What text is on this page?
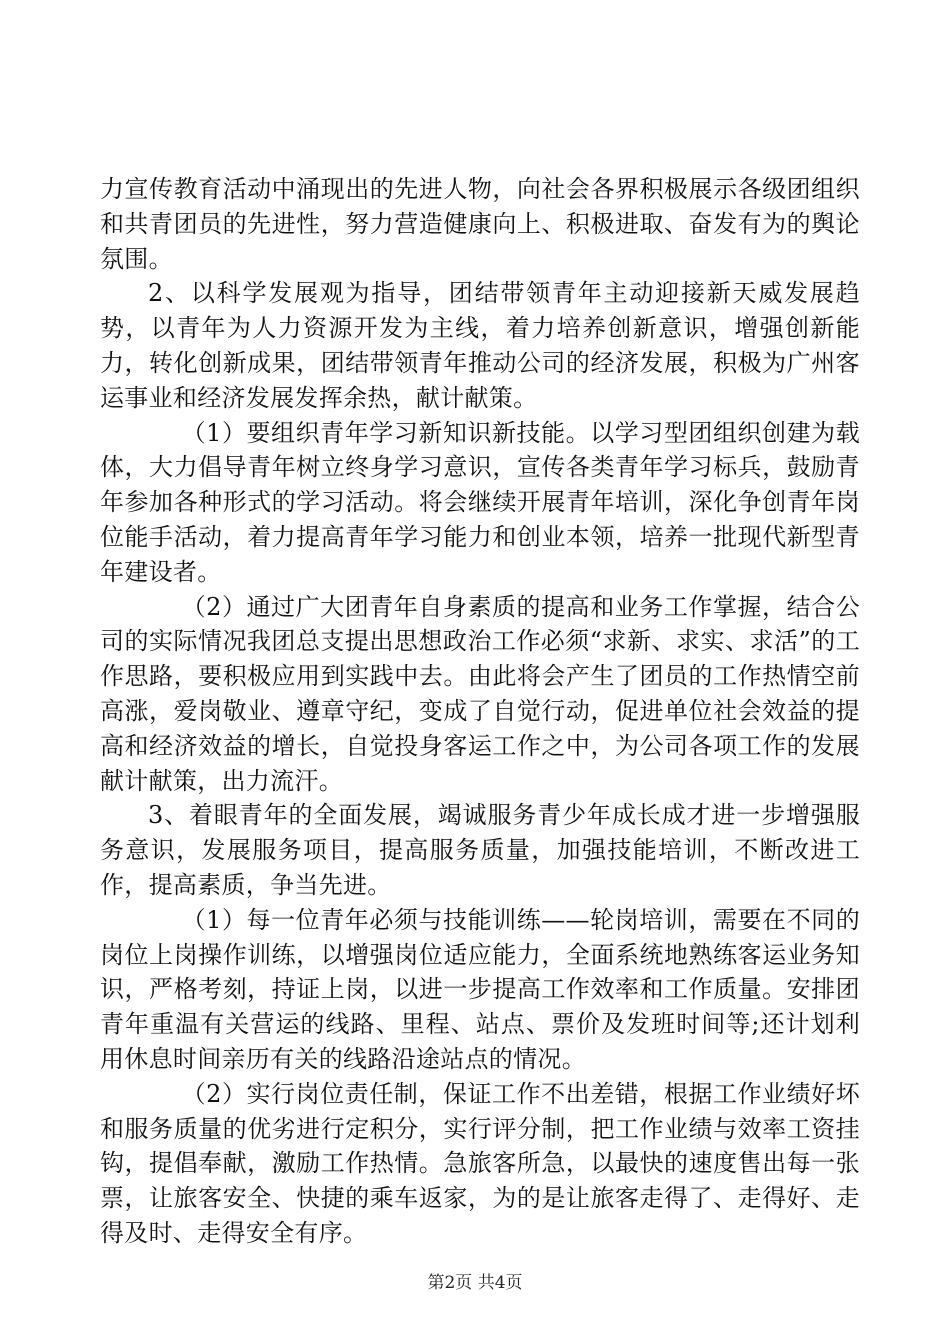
力宣传教育活动中涌现出的先进人物，向社会各界积极展示各级团组织和共青团员的先进性，努力营造健康向上、积极进取、奋发有为的舆论氛围。

2、以科学发展观为指导，团结带领青年主动迎接新天威发展趋势，以青年为人力资源开发为主线，着力培养创新意识，增强创新能力，转化创新成果，团结带领青年推动公司的经济发展，积极为广州客运事业和经济发展发挥余热，献计献策。

（1）要组织青年学习新知识新技能。以学习型团组织创建为载体，大力倡导青年树立终身学习意识，宣传各类青年学习标兵，鼓励青年参加各种形式的学习活动。将会继续开展青年培训，深化争创青年岗位能手活动，着力提高青年学习能力和创业本领，培养一批现代新型青年建设者。

（2）通过广大团青年自身素质的提高和业务工作掌握，结合公司的实际情况我团总支提出思想政治工作必须“求新、求实、求活”的工作思路，要积极应用到实践中去。由此将会产生了团员的工作热情空前高涨，爱岗敬业、遵章守纪，变成了自觉行动，促进单位社会效益的提高和经济效益的增长，自觉投身客运工作之中，为公司各项工作的发展献计献策，出力流汗。

3、着眼青年的全面发展，竭诚服务青少年成长成才进一步增强服务意识，发展服务项目，提高服务质量，加强技能培训，不断改进工作，提高素质，争当先进。

（1）每一位青年必须与技能训练——轮岗培训，需要在不同的岗位上岗操作训练，以增强岗位适应能力，全面系统地熟练客运业务知识，严格考刻，持证上岗，以进一步提高工作效率和工作质量。安排团青年重温有关营运的线路、里程、站点、票价及发班时间等;还计划利用休息时间亲历有关的线路沿途站点的情况。

（2）实行岗位责任制，保证工作不出差错，根据工作业绩好坏和服务质量的优劣进行定积分，实行评分制，把工作业绩与效率工资挂钩，提倡奉献，激励工作热情。急旅客所急，以最快的速度售出每一张票，让旅客安全、快捷的乘车返家，为的是让旅客走得了、走得好、走得及时、走得安全有序。

第2页 共4页
